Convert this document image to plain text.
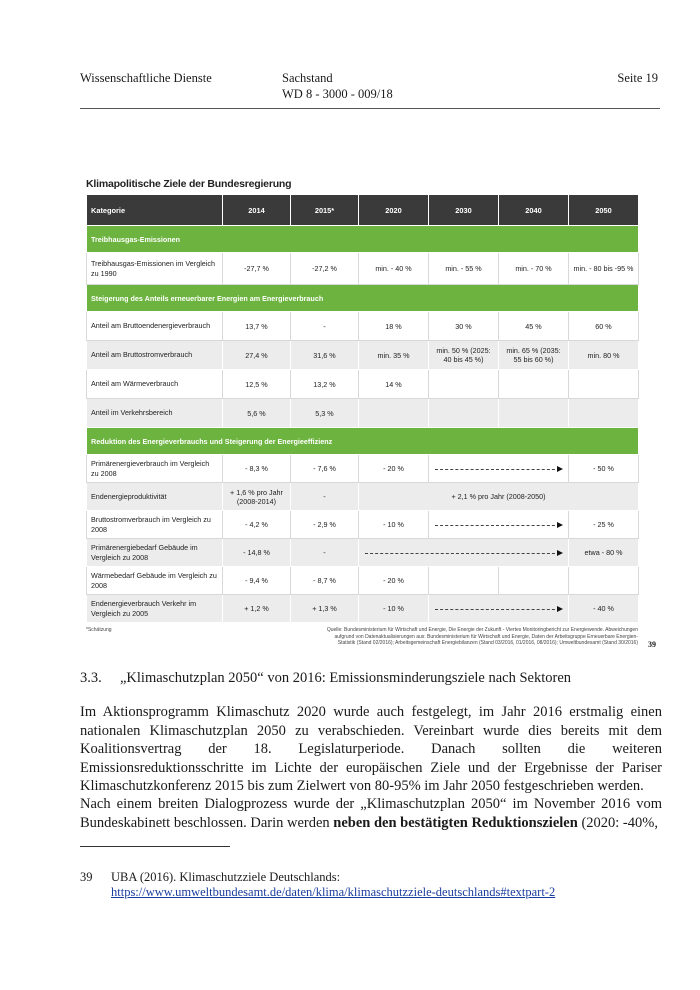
Wissenschaftliche Dienste	Sachstand
WD 8 - 3000 - 009/18
Seite 19
Klimapolitische Ziele der Bundesregierung
Kategorie	2014	2015*	2020	2030	2040	2050
Treibhausgas-Emissionen						
Treibhausgas-Emissionen im Vergleich zu 1990	-27,7 %	-27,2 %	min. - 40 %	min. - 55 %	min. - 70 %	min. - 80 bis -95 %
Steigerung des Anteils erneuerbarer Energien am Energieverbrauch						
Anteil am Bruttoendenergieverbrauch	13,7 %	-	18 %	30 %	45 %	60 %
Anteil am Bruttostromverbrauch	27,4 %	31,6 %	min. 35 %	min. 50 % (2025: 40 bis 45 %)	min. 65 % (2035: 55 bis 60 %)	min. 80 %
Anteil am Wärmeverbrauch	12,5 %	13,2 %	14 %			
Anteil im Verkehrsbereich	5,6 %	5,3 %				
Reduktion des Energieverbrauchs und Steigerung der Energieeffizienz						
Primärenergieverbrauch im Vergleich zu 2008	- 8,3 %	- 7,6 %	- 20 %			- 50 %
Endenergieproduktivität	+ 1,6 % pro Jahr (2008-2014)	-	+ 2,1 % pro Jahr (2008-2050)			
Bruttostromverbrauch im Vergleich zu 2008	- 4,2 %	- 2,9 %	- 10 %			- 25 %
Primärenergiebedarf Gebäude im Vergleich zu 2008	- 14,8 %	-				etwa - 80 %
Wärmebedarf Gebäude im Vergleich zu 2008	- 9,4 %	- 8,7 %	- 20 %			
Endenergieverbrauch Verkehr im Vergleich zu 2005	+ 1,2 %	+ 1,3 %	- 10 %			- 40 %
*Schätzung	Quelle: Bundesministerium für Wirtschaft und Energie, Die Energie der Zukunft - Viertes Monitoringbericht zur Energiewende. Abweichungen aufgrund von Datenaktualisierungen aus: Bundesministerium für Wirtschaft und Energie, Daten der Arbeitsgruppe Erneuerbare Energien-Statistik (Stand 02/2016); Arbeitsgemeinschaft Energiebilanzen (Stand 03/2016, 01/2016, 08/2016); Umweltbundesamt (Stand 30/2016) 39
3.3. „Klimaschutzplan 2050“ von 2016: Emissionsminderungsziele nach Sektoren
Im Aktionsprogramm Klimaschutz 2020 wurde auch festgelegt, im Jahr 2016 erstmalig einen nationalen Klimaschutzplan 2050 zu verabschieden. Vereinbart wurde dies bereits mit dem Koalitionsvertrag der 18. Legislaturperiode. Danach sollten die weiteren Emissionsreduktionsschritte im Lichte der europäischen Ziele und der Ergebnisse der Pariser Klimaschutzkonferenz 2015 bis zum Zielwert von 80-95% im Jahr 2050 festgeschrieben werden.
Nach einem breiten Dialogprozess wurde der „Klimaschutzplan 2050“ im November 2016 vom Bundeskabinett beschlossen. Darin werden neben den bestätigten Reduktionszielen (2020: -40%,
39 UBA (2016). Klimaschutzziele Deutschlands: https://www.umweltbundesamt.de/daten/klima/klimaschutzziele-deutschlands#textpart-2
